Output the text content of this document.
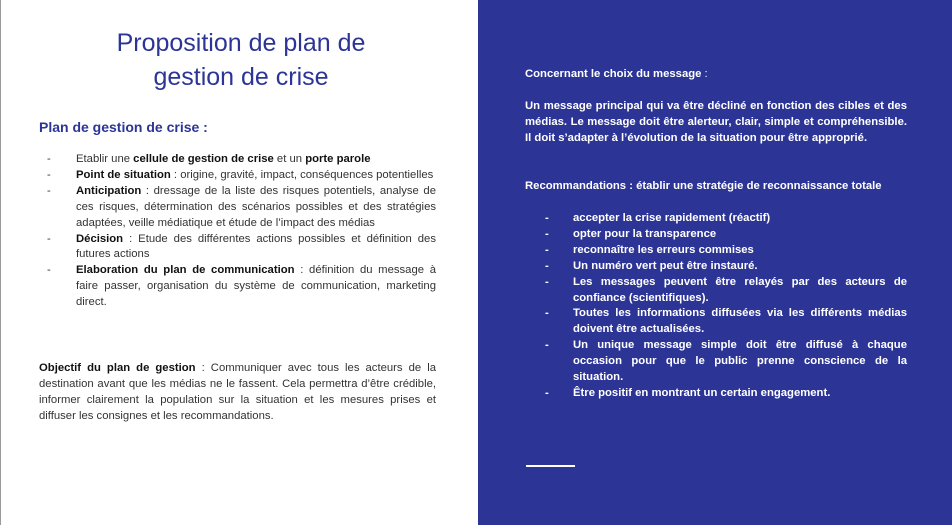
Proposition de plan de
gestion de crise
Plan de gestion de crise :
- Etablir une cellule de gestion de crise et un porte parole
- Point de situation : origine, gravité, impact, conséquences potentielles
- Anticipation : dressage de la liste des risques potentiels, analyse de ces risques, détermination des scénarios possibles et des stratégies adaptées, veille médiatique et étude de l’impact des médias
- Décision : Etude des différentes actions possibles et définition des futures actions
- Elaboration du plan de communication : définition du message à faire passer, organisation du système de communication, marketing direct.

Objectif du plan de gestion : Communiquer avec tous les acteurs de la destination avant que les médias ne le fassent. Cela permettra d’être crédible, informer clairement la population sur la situation et les mesures prises et diffuser les consignes et les recommandations.

Concernant le choix du message :

Un message principal qui va être décliné en fonction des cibles et des médias. Le message doit être alerteur, clair, simple et compréhensible. Il doit s’adapter à l’évolution de la situation pour être approprié.

Recommandations : établir une stratégie de reconnaissance totale

- accepter la crise rapidement (réactif)
- opter pour la transparence
- reconnaître les erreurs commises
- Un numéro vert peut être instauré.
- Les messages peuvent être relayés par des acteurs de confiance (scientifiques).
- Toutes les informations diffusées via les différents médias doivent être actualisées.
- Un unique message simple doit être diffusé à chaque occasion pour que le public prenne conscience de la situation.
- Être positif en montrant un certain engagement.
